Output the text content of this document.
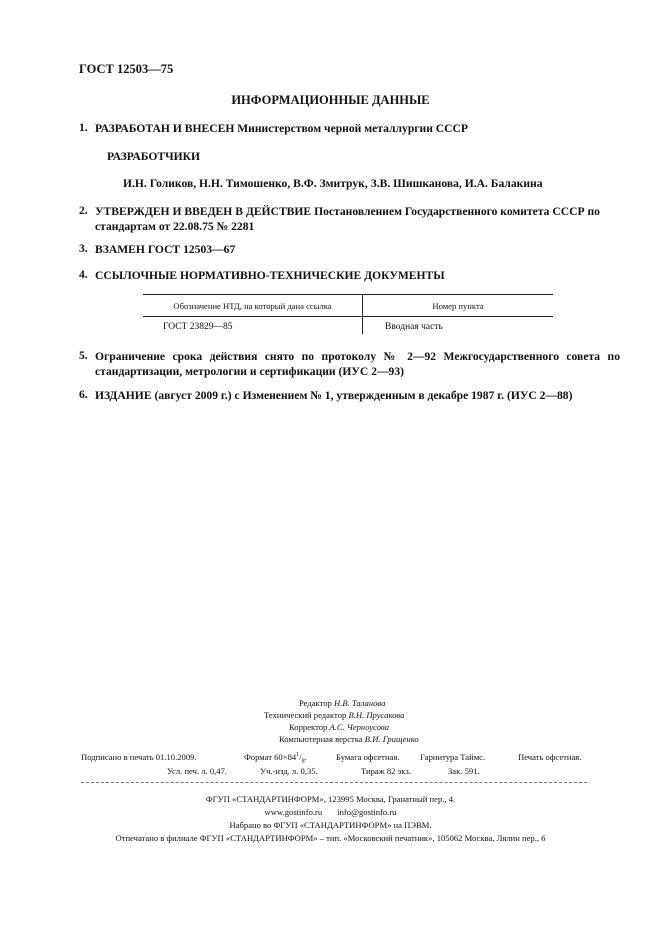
ГОСТ 12503—75
ИНФОРМАЦИОННЫЕ ДАННЫЕ
1. РАЗРАБОТАН И ВНЕСЕН Министерством черной металлургии СССР
РАЗРАБОТЧИКИ
И.Н. Голиков, Н.Н. Тимошенко, В.Ф. Змитрук, З.В. Шишканова, И.А. Балакина
2. УТВЕРЖДЕН И ВВЕДЕН В ДЕЙСТВИЕ Постановлением Государственного комитета СССР по стандартам от 22.08.75 № 2281
3. ВЗАМЕН ГОСТ 12503—67
4. ССЫЛОЧНЫЕ НОРМАТИВНО-ТЕХНИЧЕСКИЕ ДОКУМЕНТЫ
Обозначение НТД, на который дана ссылка	Номер пункта
ГОСТ 23829—85	Вводная часть
5. Ограничение срока действия снято по протоколу № 2—92 Межгосударственного совета по стандартизации, метрологии и сертификации (ИУС 2—93)
6. ИЗДАНИЕ (август 2009 г.) с Изменением № 1, утвержденным в декабре 1987 г. (ИУС 2—88)
Редактор Н.В. Таланова
Технический редактор В.Н. Прусакова
Корректор А.С. Черноусова
Компьютерная верстка В.И. Грищенко
Подписано в печать 01.10.2009.	Формат $60\times 84^1/_8$.	Бумага офсетная. Гарнитура Таймс.	Печать офсетная.
Усл. печ. л. 0,47.	Уч.-изд. л. 0,35.	Тираж 82 экз.	Зак. 591.
ФГУП «СТАНДАРТИНФОРМ», 123995 Москва, Гранатный пер., 4.
www.gostinfo.ru info@gostinfo.ru
Набрано во ФГУП «СТАНДАРТИНФОРМ» на ПЭВМ.
Отпечатано в филиале ФГУП «СТАНДАРТИНФОРМ» – тип. «Московский печатник», 105062 Москва, Лялин пер., 6
